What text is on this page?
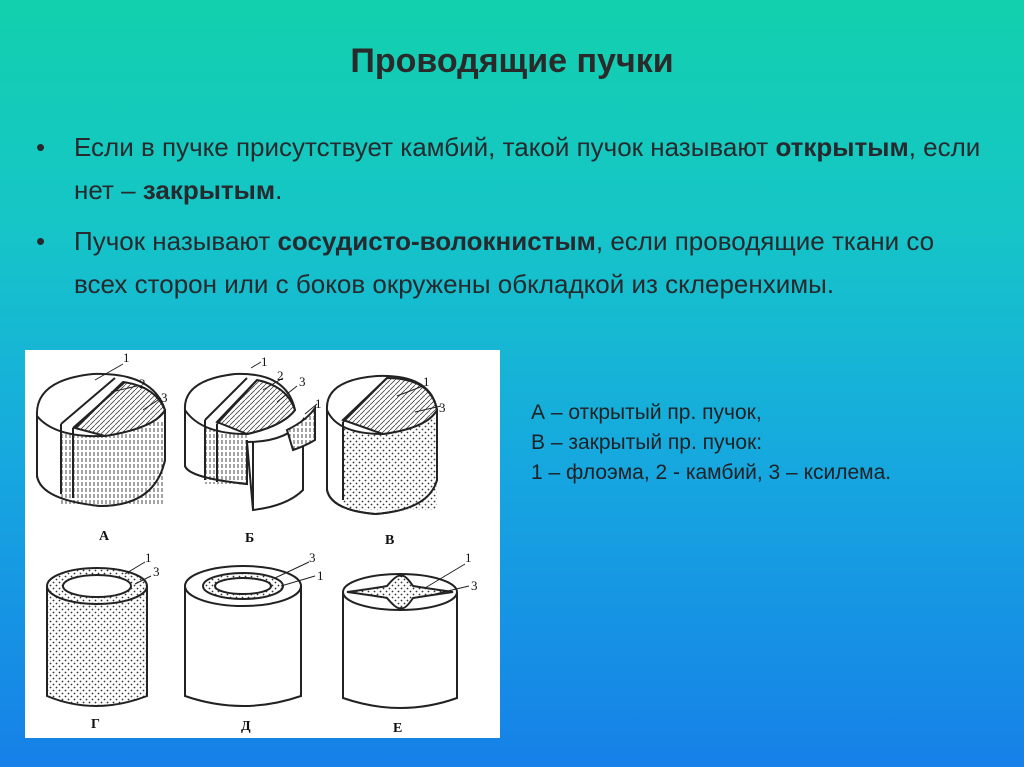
Проводящие пучки
• Если в пучке присутствует камбий, такой пучок называют открытым, если нет – закрытым.
• Пучок называют сосудисто-волокнистым, если проводящие ткани со всех сторон или с боков окружены обкладкой из склеренхимы.
1
2
3
1
2 3
1
1
3
1
3
3
1
1
3
А	Б	В
Г	Д	Е
А – открытый пр. пучок,
В – закрытый пр. пучок:
1 – флоэма, 2 - камбий, 3 – ксилема.
